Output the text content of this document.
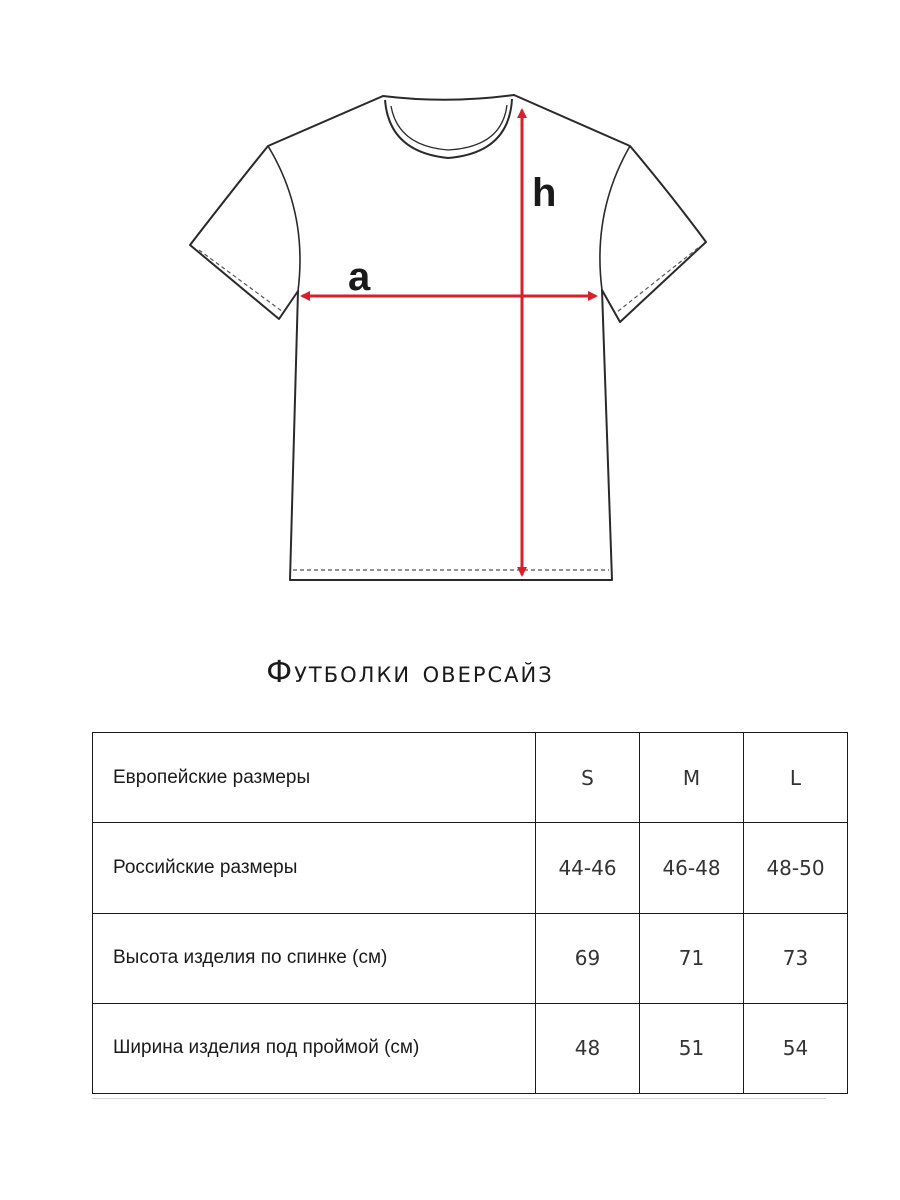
a
h
Футболки оверсайз
Европейские размеры	S	M	L
Российские размеры	44-46	46-48	48-50
Высота изделия по спинке (см)	69	71	73
Ширина изделия под проймой (см)	48	51	54
